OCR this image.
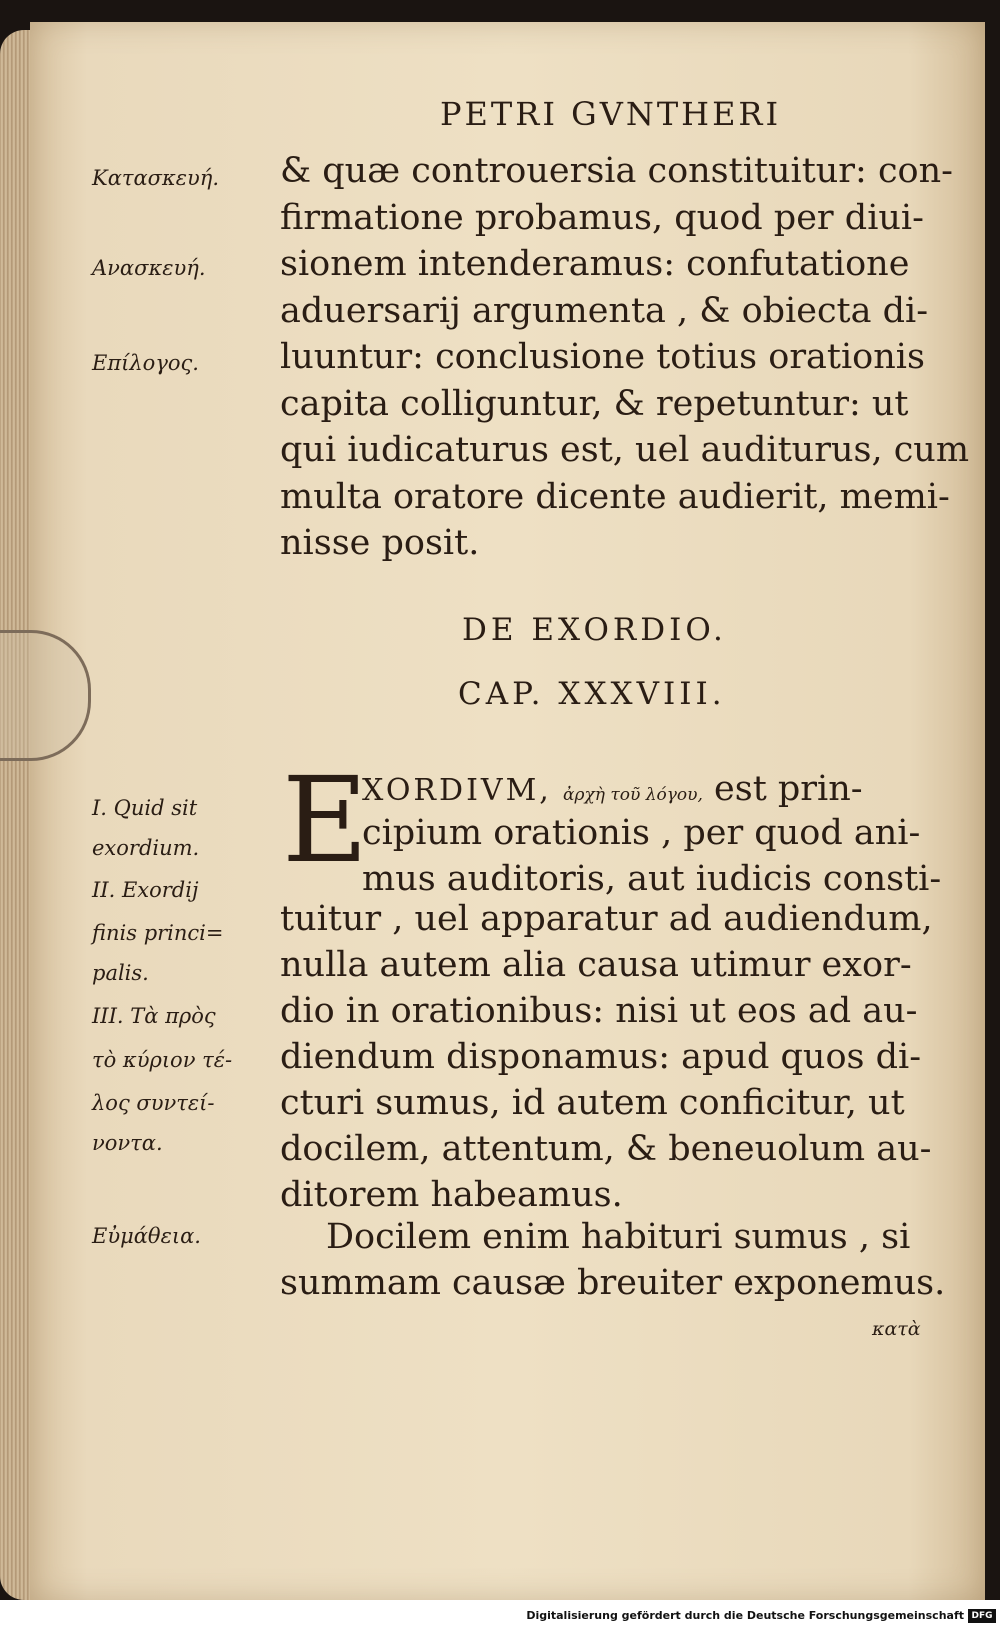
PETRI GVNTHERI
Κατασκευή.
Ανασκευή.
Επίλογος.
I. Quid sit
exordium.
II. Exordij
finis princi=
palis.
III. Τὰ πρὸς
τὸ κύριον τέ-
λος συντεί-
νοντα.
Εὐμάθεια.
& quæ controuersia constituitur: con-
firmatione probamus, quod per diui-
sionem intenderamus: confutatione
aduersarij argumenta , & obiecta di-
luuntur: conclusione totius orationis
capita colliguntur, & repetuntur: ut
qui iudicaturus est, uel auditurus, cum
multa oratore dicente audierit, memi-
nisse posit.
DE EXORDIO.
CAP. XXXVIII.
E
XORDIVM, ἀρχὴ τοῦ λόγου, est prin-
cipium orationis , per quod ani-
mus auditoris, aut iudicis consti-
tuitur , uel apparatur ad audiendum,
nulla autem alia causa utimur exor-
dio in orationibus: nisi ut eos ad au-
diendum disponamus: apud quos di-
cturi sumus, id autem conficitur, ut
docilem, attentum, & beneuolum au-
ditorem habeamus.
Docilem enim habituri sumus , si
summam causæ breuiter exponemus.
κατὰ
Digitalisierung gefördert durch die Deutsche Forschungsgemeinschaft DFG
